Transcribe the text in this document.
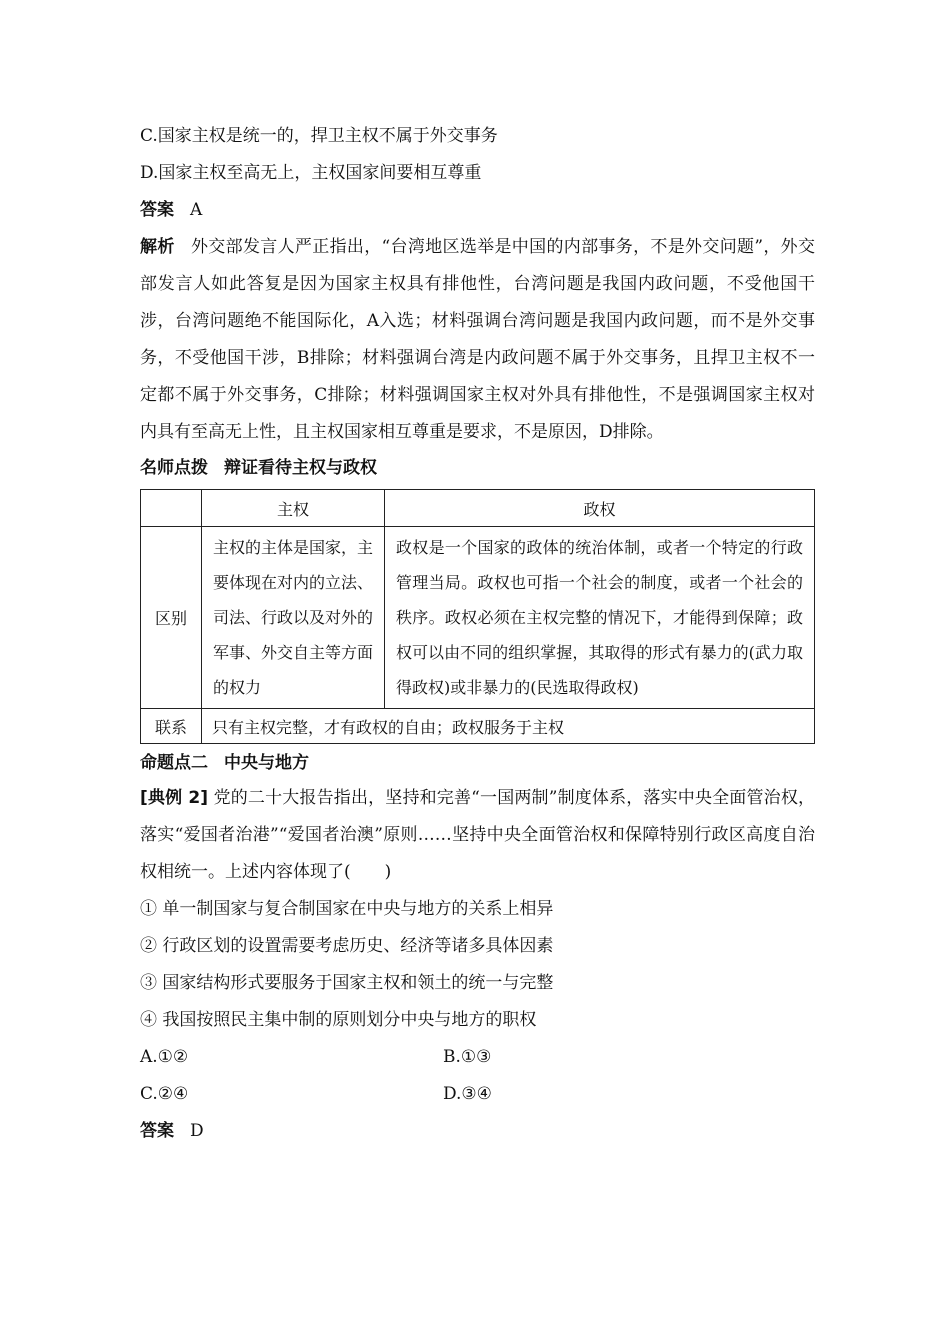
C.国家主权是统一的，捍卫主权不属于外交事务
D.国家主权至高无上，主权国家间要相互尊重
答案 A
解析 外交部发言人严正指出，“台湾地区选举是中国的内部事务，不是外交问题”，外交部发言人如此答复是因为国家主权具有排他性，台湾问题是我国内政问题，不受他国干涉，台湾问题绝不能国际化，A入选；材料强调台湾问题是我国内政问题，而不是外交事务，不受他国干涉，B排除；材料强调台湾是内政问题不属于外交事务，且捍卫主权不一定都不属于外交事务，C排除；材料强调国家主权对外具有排他性，不是强调国家主权对内具有至高无上性，且主权国家相互尊重是要求，不是原因，D排除。
名师点拨 辩证看待主权与政权
	主权	政权
区别	主权的主体是国家，主要体现在对内的立法、司法、行政以及对外的军事、外交自主等方面的权力	政权是一个国家的政体的统治体制，或者一个特定的行政管理当局。政权也可指一个社会的制度，或者一个社会的秩序。政权必须在主权完整的情况下，才能得到保障；政权可以由不同的组织掌握，其取得的形式有暴力的(武力取得政权)或非暴力的(民选取得政权)

联系	只有主权完整，才有政权的自由；政权服务于主权	
命题点二 中央与地方
[典例 2] 党的二十大报告指出，坚持和完善“一国两制”制度体系，落实中央全面管治权，落实“爱国者治港”“爱国者治澳”原则……坚持中央全面管治权和保障特别行政区高度自治权相统一。上述内容体现了(　　)
① 单一制国家与复合制国家在中央与地方的关系上相异
② 行政区划的设置需要考虑历史、经济等诸多具体因素
③ 国家结构形式要服务于国家主权和领土的统一与完整
④ 我国按照民主集中制的原则划分中央与地方的职权
A.①②	B.①③
C.②④	D.③④
答案 D
